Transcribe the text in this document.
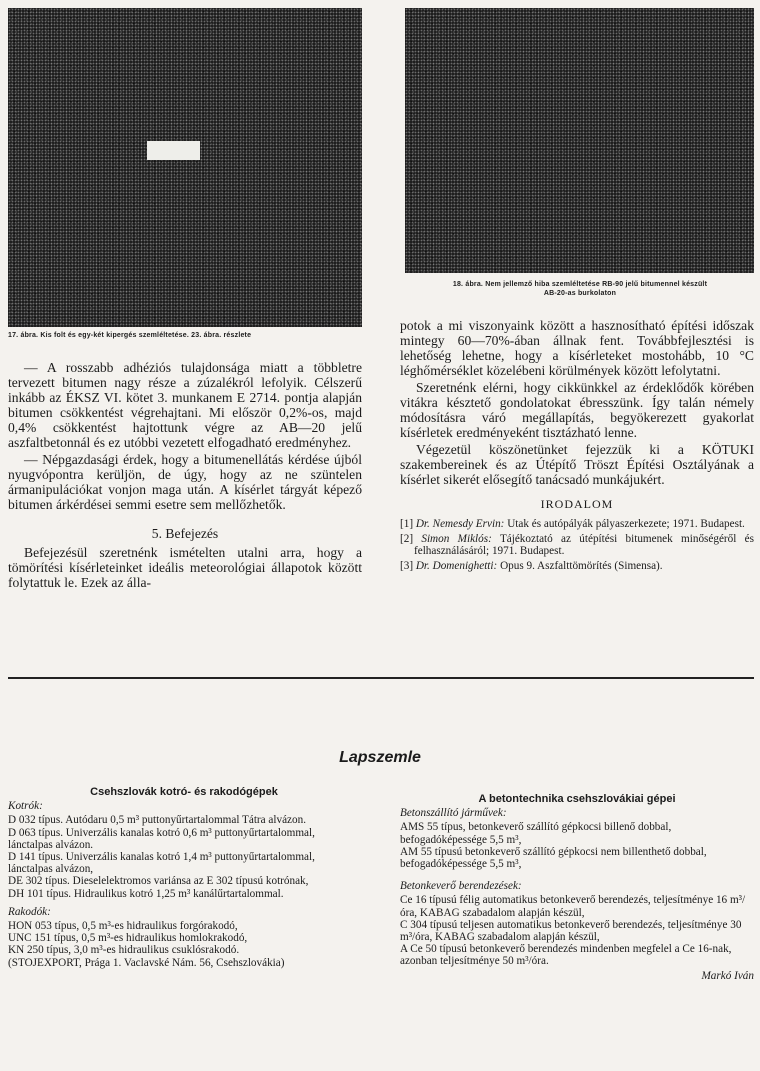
17. ábra. Kis folt és egy-két kipergés szemléltetése. 23. ábra. részlete
18. ábra. Nem jellemző hiba szemléltetése RB-90 jelű bitumennel készült
AB-20-as burkolaton

— A rosszabb adhéziós tulajdonsága miatt a többletre tervezett bitumen nagy része a zúzalékról lefolyik. Célszerű inkább az ÉKSZ VI. kötet 3. munkanem E 2714. pontja alapján bitumen csökkentést végrehajtani. Mi először 0,2%-os, majd 0,4% csökkentést hajtottunk végre az AB—20 jelű aszfaltbetonnál és ez utóbbi vezetett elfogadható eredményhez.

— Népgazdasági érdek, hogy a bitumenellátás kérdése újból nyugvópontra kerüljön, de úgy, hogy az ne szüntelen ármanipulációkat vonjon maga után. A kísérlet tárgyát képező bitumen árkérdései semmi esetre sem mellőzhetők.

5. Befejezés

Befejezésül szeretnénk ismételten utalni arra, hogy a tömörítési kísérleteinket ideális meteorológiai állapotok között folytattuk le. Ezek az álla-

potok a mi viszonyaink között a hasznosítható építési időszak mintegy 60—70%-ában állnak fent. Továbbfejlesztési is lehetőség lehetne, hogy a kísérleteket mostohább, 10 °C léghőmérséklet közelébeni körülmények között lefolytatni.

Szeretnénk elérni, hogy cikkünkkel az érdeklődők körében vitákra késztető gondolatokat ébresszünk. Így talán némely módosításra váró megállapítás, begyökerezett gyakorlat kísérletek eredményeként tisztázható lenne.

Végezetül köszönetünket fejezzük ki a KÖTUKI szakembereinek és az Útépítő Tröszt Építési Osztályának a kísérlet sikerét elősegítő tanácsadó munkájukért.

IRODALOM
[1] Dr. Nemesdy Ervin: Utak és autópályák pályaszerkezete; 1971. Budapest.
[2] Simon Miklós: Tájékoztató az útépítési bitumenek minőségéről és felhasználásáról; 1971. Budapest.
[3] Dr. Domenighetti: Opus 9. Aszfalttömörítés (Simensa).
Lapszemle
Csehszlovák kotró- és rakodógépek
Kotrók:
D 032 típus. Autódaru 0,5 m³ puttonyűrtartalommal Tátra alvázon.
D 063 típus. Univerzális kanalas kotró 0,6 m³ puttonyűrtartalommal, lánctalpas alvázon.
D 141 típus. Univerzális kanalas kotró 1,4 m³ puttonyűrtartalommal, lánctalpas alvázon,
DE 302 típus. Dieselelektromos variánsa az E 302 típusú kotrónak,
DH 101 típus. Hidraulikus kotró 1,25 m³ kanálűrtartalommal.
Rakodók:
HON 053 típus, 0,5 m³-es hidraulikus forgórakodó,
UNC 151 típus, 0,5 m³-es hidraulikus homlokrakodó,
KN 250 típus, 3,0 m³-es hidraulikus csuklósrakodó.
(STOJEXPORT, Prága 1. Vaclavské Nám. 56, Csehszlovákia)
A betontechnika csehszlovákiai gépei
Betonszállító járművek:
AMS 55 típus, betonkeverő szállító gépkocsi billenő dobbal, befogadóképessége 5,5 m³,
AM 55 típusú betonkeverő szállító gépkocsi nem billenthető dobbal, befogadóképessége 5,5 m³,
Betonkeverő berendezések:
Ce 16 típusú félig automatikus betonkeverő berendezés, teljesítménye 16 m³/óra, KABAG szabadalom alapján készül,
C 304 típusú teljesen automatikus betonkeverő berendezés, teljesítménye 30 m³/óra, KABAG szabadalom alapján készül,
A Ce 50 típusú betonkeverő berendezés mindenben megfelel a Ce 16-nak, azonban teljesítménye 50 m³/óra.
Markó Iván
